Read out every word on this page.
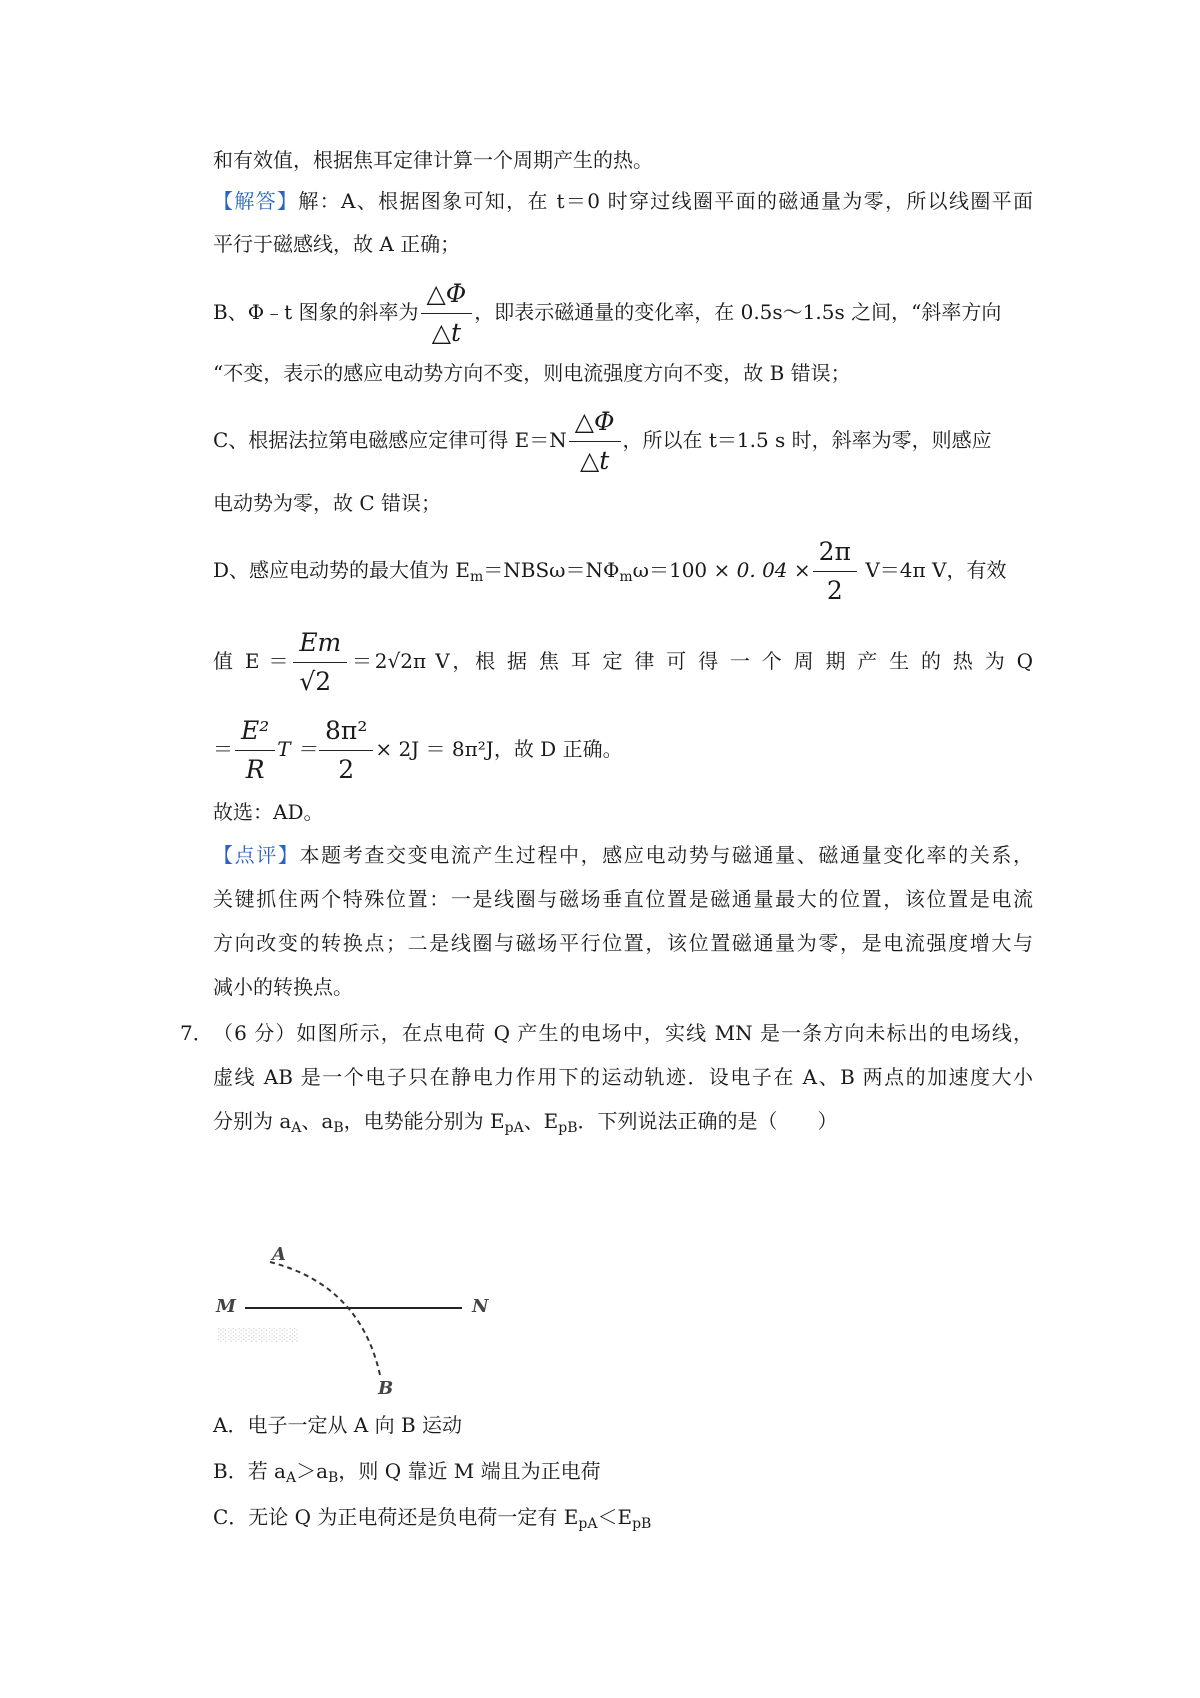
和有效值，根据焦耳定律计算一个周期产生的热。
【解答】解：A、根据图象可知，在 t＝0 时穿过线圈平面的磁通量为零，所以线圈平面
平行于磁感线，故 A 正确；
B、Φ﹣t 图象的斜率为 $\frac{\triangle\Phi}{\triangle t}$ ，即表示磁通量的变化率，在 0.5s～1.5s 之间，“斜率方向
“不变，表示的感应电动势方向不变，则电流强度方向不变，故 B 错误；
C、根据法拉第电磁感应定律可得 $E=N \frac{\triangle\Phi}{\triangle t}$ ，所以在 t＝1.5 s 时，斜率为零，则感应
电动势为零，故 C 错误；
D、感应电动势的最大值为 $E_m=NBS\omega=N\Phi_m\omega=100 \times 0$. $04 \times \frac{2\pi}{2} V=4\pi$ V，有效
值 $E = \frac{Em}{√2} =2√2\pi$ V，根 据 焦 耳 定 律 可 得 一 个 周 期 产 生 的 热 为 Q
＝ $\frac{\text{E²}}{R}$ $T = \frac{\text{8π²}}{2} \times 2J = 8\pi^2J$，故 D 正确。
故选：AD。
【点评】本题考查交变电流产生过程中，感应电动势与磁通量、磁通量变化率的关系，
关键抓住两个特殊位置：一是线圈与磁场垂直位置是磁通量最大的位置，该位置是电流
方向改变的转换点；二是线圈与磁场平行位置，该位置磁通量为零，是电流强度增大与
减小的转换点。
7． （6 分）如图所示，在点电荷 Q 产生的电场中，实线 MN 是一条方向未标出的电场线，
虚线 AB 是一个电子只在静电力作用下的运动轨迹．设电子在 A、B 两点的加速度大小
分别为 $a_A$、$a_B$，电势能分别为 $E_{pA}$、$E_{pB}$．下列说法正确的是（　　）
A
M	N
B
░░░░░░░░
A．电子一定从 A 向 B 运动
B．若 $a_A>a_B$，则 Q 靠近 M 端且为正电荷
C．无论 Q 为正电荷还是负电荷一定有 $E_{pA}<E_{pB}$
